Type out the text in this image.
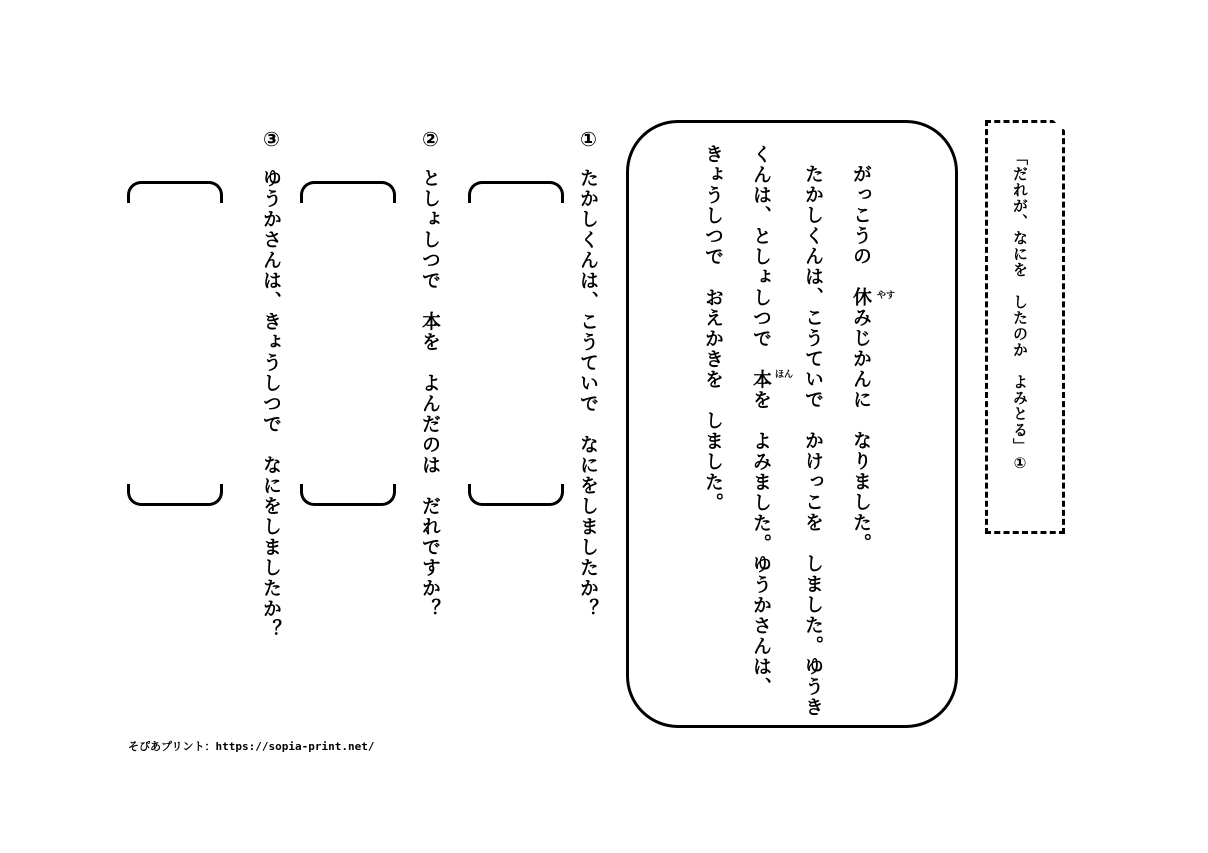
「だれが、なにを　したのか　よみとる」①
がっこうの　休みじかんに　なりました。
たかしくんは、こうていで　かけっこを　しました。ゆうき
くんは、としょしつで　本を　よみました。ゆうかさんは、
きょうしつで　おえかきを　しました。	やす
ほん
①
たかしくんは、こうていで　なにをしましたか？
②
としょしつで　本を　よんだのは　だれですか？
③
ゆうかさんは、きょうしつで　なにをしましたか？
そぴあプリント：https://sopia-print.net/
